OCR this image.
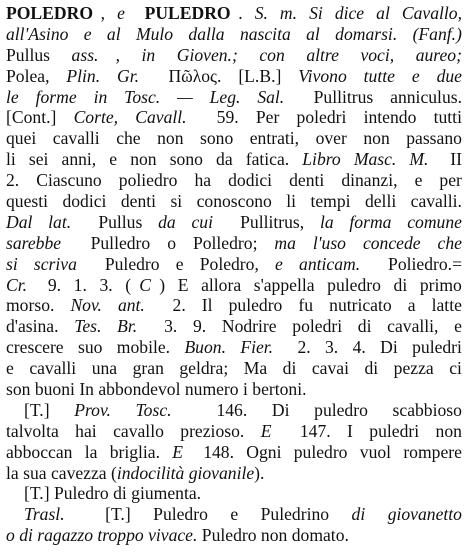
POLEDRO , e
PULEDRO . S. m. Si dice al Cavallo,
all'Asino e al Mulo dalla nascita al domarsi. (Fanf.)
Pullus ass. , in Gioven.; con altre voci, aureo;
Polea, Plin. Gr.
Πῶλος. [L.B.] Vivono tutte e due
le forme in Tosc. — Leg. Sal.
Pullitrus anniculus.
[Cont.] Corte, Cavall.
59. Per poledri intendo tutti
quei cavalli che non sono entrati, over non passano
li sei anni, e non sono da fatica. Libro Masc. M.
II
2. Ciascuno poliedro ha dodici denti dinanzi, e per
questi dodici denti si conoscono li tempi delli cavalli.
Dal lat.
Pullus da cui
Pullitrus, la forma comune
sarebbe
Pulledro o Polledro; ma l'uso concede che
si scriva
Puledro e Poledro, e anticam.
Poliedro.=
Cr.
9. 1. 3. ( C ) E allora s'appella puledro di primo
morso. Nov. ant.
2. Il puledro fu nutricato a latte
d'asina. Tes. Br.
3. 9. Nodrire poledri di cavalli, e
crescere suo mobile. Buon. Fier.
2. 3. 4. Di puledri
e cavalli una gran geldra; Ma di cavai di pezza ci
son buoni In abbondevol numero i bertoni.
[T.] Prov. Tosc.
	146. Di puledro scabbioso
talvolta hai cavallo prezioso. E
147. I puledri non
abboccan la briglia. E
148. Ogni puledro vuol rompere
la sua cavezza ( indocilità giovanile ).
[T.] Puledro di giumenta.
Trasl.
[T.] Puledro e Puledrino di giovanetto
o di ragazzo troppo vivace. Puledro non domato.
